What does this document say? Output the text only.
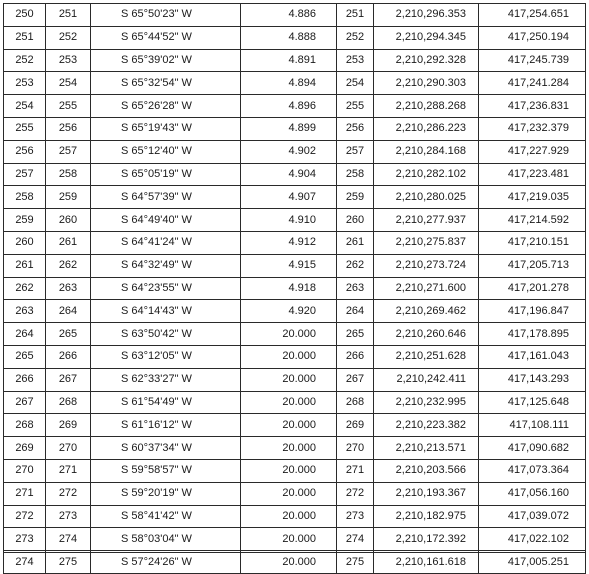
250	251	S 65°50'23" W	4.886	251	2,210,296.353	417,254.651
251	252	S 65°44'52" W	4.888	252	2,210,294.345	417,250.194
252	253	S 65°39'02" W	4.891	253	2,210,292.328	417,245.739
253	254	S 65°32'54" W	4.894	254	2,210,290.303	417,241.284
254	255	S 65°26'28" W	4.896	255	2,210,288.268	417,236.831
255	256	S 65°19'43" W	4.899	256	2,210,286.223	417,232.379
256	257	S 65°12'40" W	4.902	257	2,210,284.168	417,227.929
257	258	S 65°05'19" W	4.904	258	2,210,282.102	417,223.481
258	259	S 64°57'39" W	4.907	259	2,210,280.025	417,219.035
259	260	S 64°49'40" W	4.910	260	2,210,277.937	417,214.592
260	261	S 64°41'24" W	4.912	261	2,210,275.837	417,210.151
261	262	S 64°32'49" W	4.915	262	2,210,273.724	417,205.713
262	263	S 64°23'55" W	4.918	263	2,210,271.600	417,201.278
263	264	S 64°14'43" W	4.920	264	2,210,269.462	417,196.847
264	265	S 63°50'42" W	20.000	265	2,210,260.646	417,178.895
265	266	S 63°12'05" W	20.000	266	2,210,251.628	417,161.043
266	267	S 62°33'27" W	20.000	267	2,210,242.411	417,143.293
267	268	S 61°54'49" W	20.000	268	2,210,232.995	417,125.648
268	269	S 61°16'12" W	20.000	269	2,210,223.382	417,108.111
269	270	S 60°37'34" W	20.000	270	2,210,213.571	417,090.682
270	271	S 59°58'57" W	20.000	271	2,210,203.566	417,073.364
271	272	S 59°20'19" W	20.000	272	2,210,193.367	417,056.160
272	273	S 58°41'42" W	20.000	273	2,210,182.975	417,039.072
273	274	S 58°03'04" W	20.000	274	2,210,172.392	417,022.102
274	275	S 57°24'26" W	20.000	275	2,210,161.618	417,005.251
